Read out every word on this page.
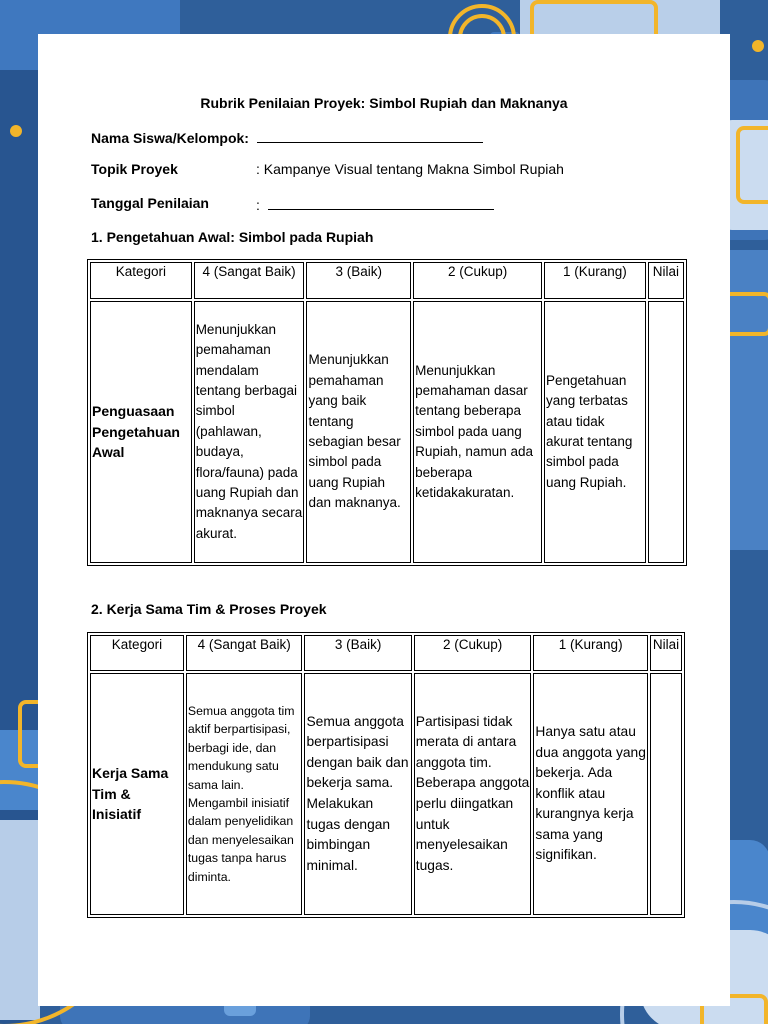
Rubrik Penilaian Proyek: Simbol Rupiah dan Maknanya
Nama Siswa/Kelompok:
Topik Proyek	: Kampanye Visual tentang Makna Simbol Rupiah
Tanggal Penilaian	:
1. Pengetahuan Awal: Simbol pada Rupiah
Kategori	4 (Sangat Baik)	3 (Baik)	2 (Cukup)	1 (Kurang)	Nilai
Penguasaan Pengetahuan Awal	Menunjukkan pemahaman mendalam tentang berbagai simbol (pahlawan, budaya, flora/fauna) pada uang Rupiah dan maknanya secara akurat.	Menunjukkan pemahaman yang baik tentang sebagian besar simbol pada uang Rupiah dan maknanya.	Menunjukkan pemahaman dasar tentang beberapa simbol pada uang Rupiah, namun ada beberapa ketidakakuratan.	Pengetahuan yang terbatas atau tidak akurat tentang simbol pada uang Rupiah.	
2. Kerja Sama Tim & Proses Proyek
Kategori	4 (Sangat Baik)	3 (Baik)	2 (Cukup)	1 (Kurang)	Nilai
Kerja Sama Tim & Inisiatif	Semua anggota tim aktif berpartisipasi, berbagi ide, dan mendukung satu sama lain. Mengambil inisiatif dalam penyelidikan dan menyelesaikan tugas tanpa harus diminta.	Semua anggota berpartisipasi dengan baik dan bekerja sama. Melakukan tugas dengan bimbingan minimal.	Partisipasi tidak merata di antara anggota tim. Beberapa anggota perlu diingatkan untuk menyelesaikan tugas.	Hanya satu atau dua anggota yang bekerja. Ada konflik atau kurangnya kerja sama yang signifikan.	
